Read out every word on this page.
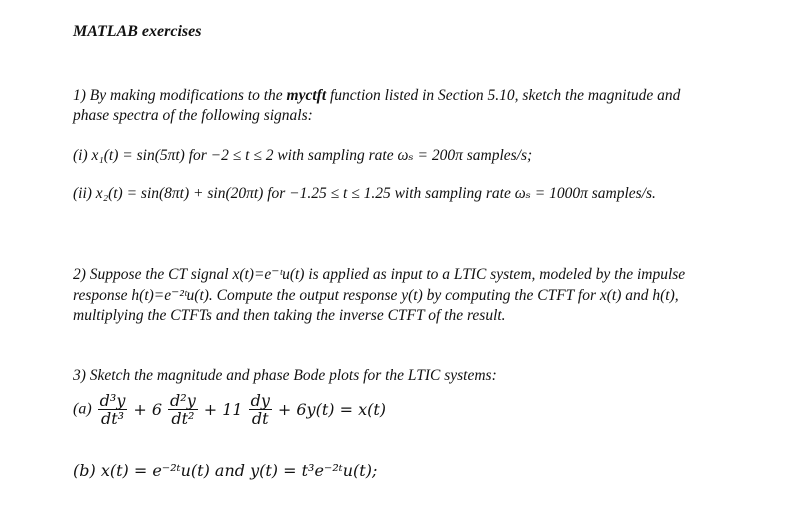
MATLAB exercises
1) By making modifications to the myctft function listed in Section 5.10, sketch the magnitude and
phase spectra of the following signals:
(i) x₁(t) = sin(5πt) for −2 ≤ t ≤ 2 with sampling rate ωₛ = 200π samples/s;
(ii) x₂(t) = sin(8πt) + sin(20πt) for −1.25 ≤ t ≤ 1.25 with sampling rate ωₛ = 1000π samples/s.
2) Suppose the CT signal x(t)=e⁻ᵗu(t) is applied as input to a LTIC system, modeled by the impulse
response h(t)=e⁻²ᵗu(t). Compute the output response y(t) by computing the CTFT for x(t) and h(t),
multiplying the CTFTs and then taking the inverse CTFT of the result.
3) Sketch the magnitude and phase Bode plots for the LTIC systems:
$(a) \frac{\text{d³y}}{\text{dt³}} + 6 \frac{\text{d²y}}{\text{dt²}} + 11 \frac{dy}{dt} + 6y(t) = x(t)$
(b) x(t) = e⁻²ᵗu(t) and y(t) = t³e⁻²ᵗu(t);
